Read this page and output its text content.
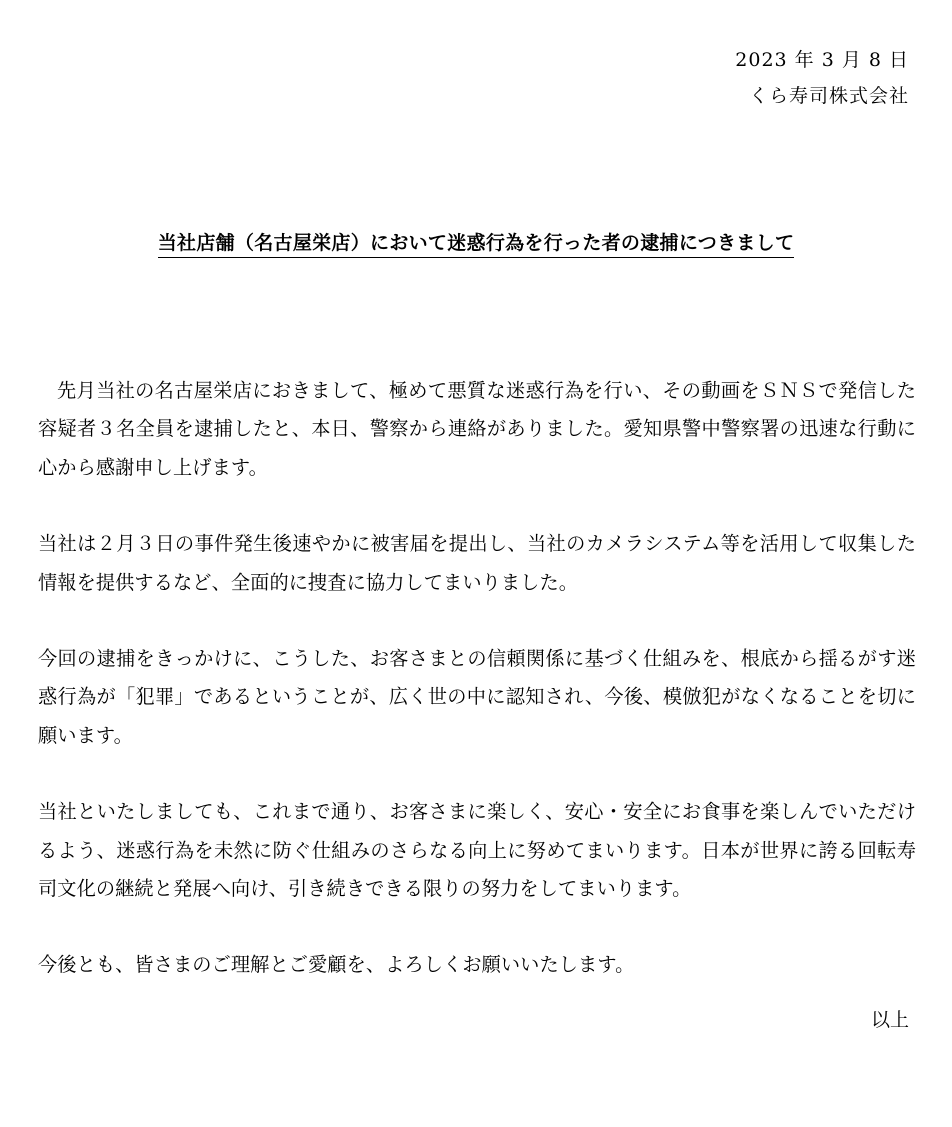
2023 年 3 月 8 日
くら寿司株式会社
当社店舗（名古屋栄店）において迷惑行為を行った者の逮捕につきまして

先月当社の名古屋栄店におきまして、極めて悪質な迷惑行為を行い、その動画をＳＮＳで発信した容疑者３名全員を逮捕したと、本日、警察から連絡がありました。愛知県警中警察署の迅速な行動に心から感謝申し上げます。

当社は２月３日の事件発生後速やかに被害届を提出し、当社のカメラシステム等を活用して収集した情報を提供するなど、全面的に捜査に協力してまいりました。

今回の逮捕をきっかけに、こうした、お客さまとの信頼関係に基づく仕組みを、根底から揺るがす迷惑行為が「犯罪」であるということが、広く世の中に認知され、今後、模倣犯がなくなることを切に願います。

当社といたしましても、これまで通り、お客さまに楽しく、安心・安全にお食事を楽しんでいただけるよう、迷惑行為を未然に防ぐ仕組みのさらなる向上に努めてまいります。日本が世界に誇る回転寿司文化の継続と発展へ向け、引き続きできる限りの努力をしてまいります。

今後とも、皆さまのご理解とご愛顧を、よろしくお願いいたします。

以上
